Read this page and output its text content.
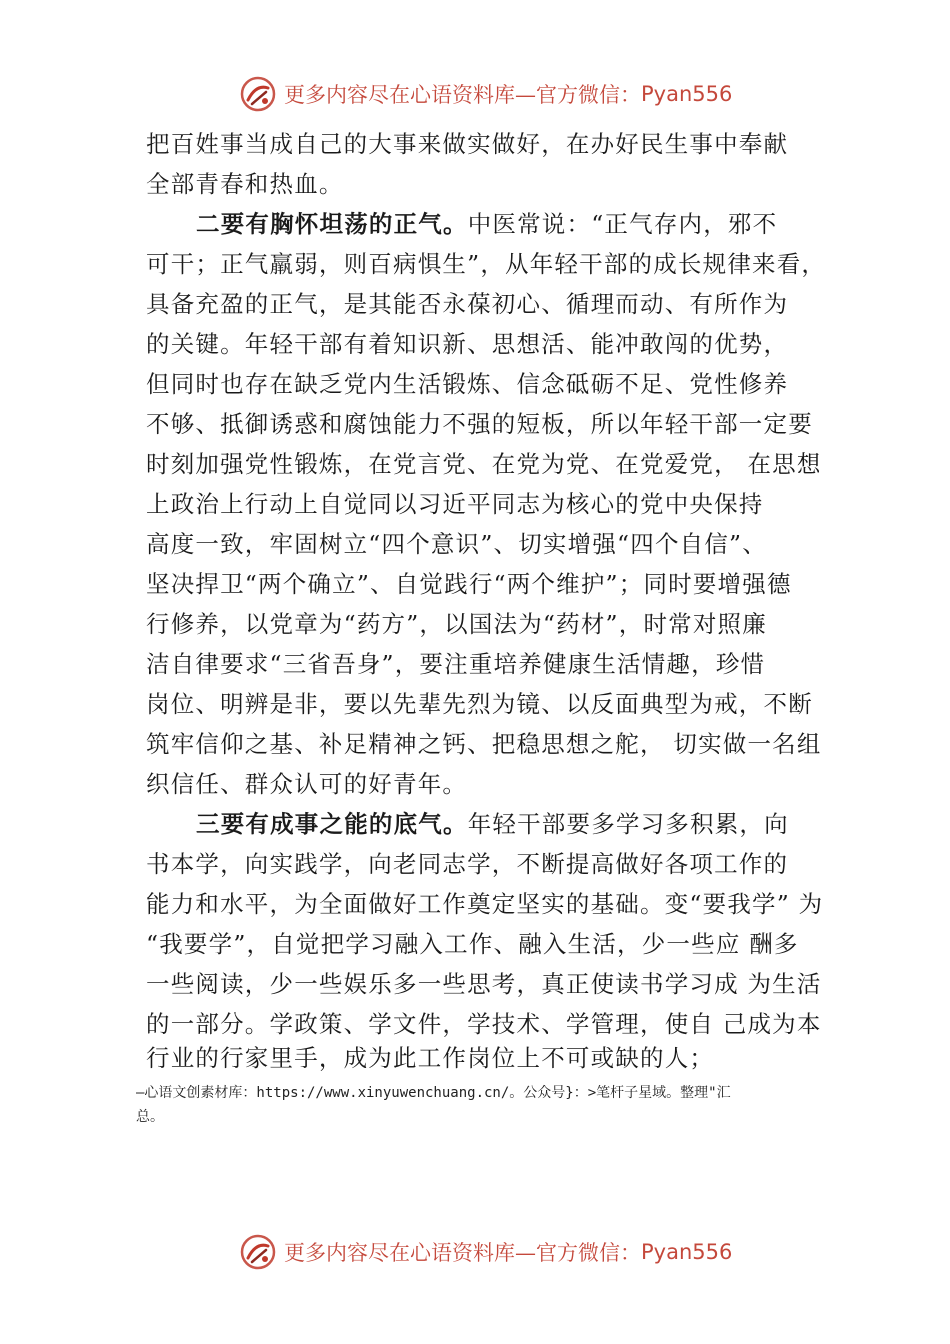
更多内容尽在心语资料库—官方微信： Pyan556
把百姓事当成自己的大事来做实做好，在办好民生事中奉献
全部青春和热血。
二要有胸怀坦荡的正气。中医常说：“正气存内，邪不
可干；正气羸弱，则百病惧生”，从年轻干部的成长规律来看，
具备充盈的正气，是其能否永葆初心、循理而动、有所作为
的关键。年轻干部有着知识新、思想活、能冲敢闯的优势，
但同时也存在缺乏党内生活锻炼、信念砥砺不足、党性修养
不够、抵御诱惑和腐蚀能力不强的短板，所以年轻干部一定要
时刻加强党性锻炼，在党言党、在党为党、在党爱党， 在思想
上政治上行动上自觉同以习近平同志为核心的党中央保持
高度一致，牢固树立“四个意识”、切实增强“四个自信”、
坚决捍卫“两个确立”、自觉践行“两个维护”；同时要增强德
行修养，以党章为“药方”，以国法为“药材”，时常对照廉
洁自律要求“三省吾身”，要注重培养健康生活情趣，珍惜
岗位、明辨是非，要以先辈先烈为镜、以反面典型为戒，不断
筑牢信仰之基、补足精神之钙、把稳思想之舵， 切实做一名组
织信任、群众认可的好青年。
三要有成事之能的底气。年轻干部要多学习多积累，向
书本学，向实践学，向老同志学，不断提高做好各项工作的
能力和水平，为全面做好工作奠定坚实的基础。变“要我学” 为
“我要学”，自觉把学习融入工作、融入生活，少一些应 酬多
一些阅读，少一些娱乐多一些思考，真正使读书学习成 为生活
的一部分。学政策、学文件，学技术、学管理，使自 己成为本
行业的行家里手，成为此工作岗位上不可或缺的人；
—心语文创素材库：https://www.xinyuwenchuang.cn/。公众号}：>笔杆子星域。整理"汇
总。
更多内容尽在心语资料库—官方微信： Pyan556
